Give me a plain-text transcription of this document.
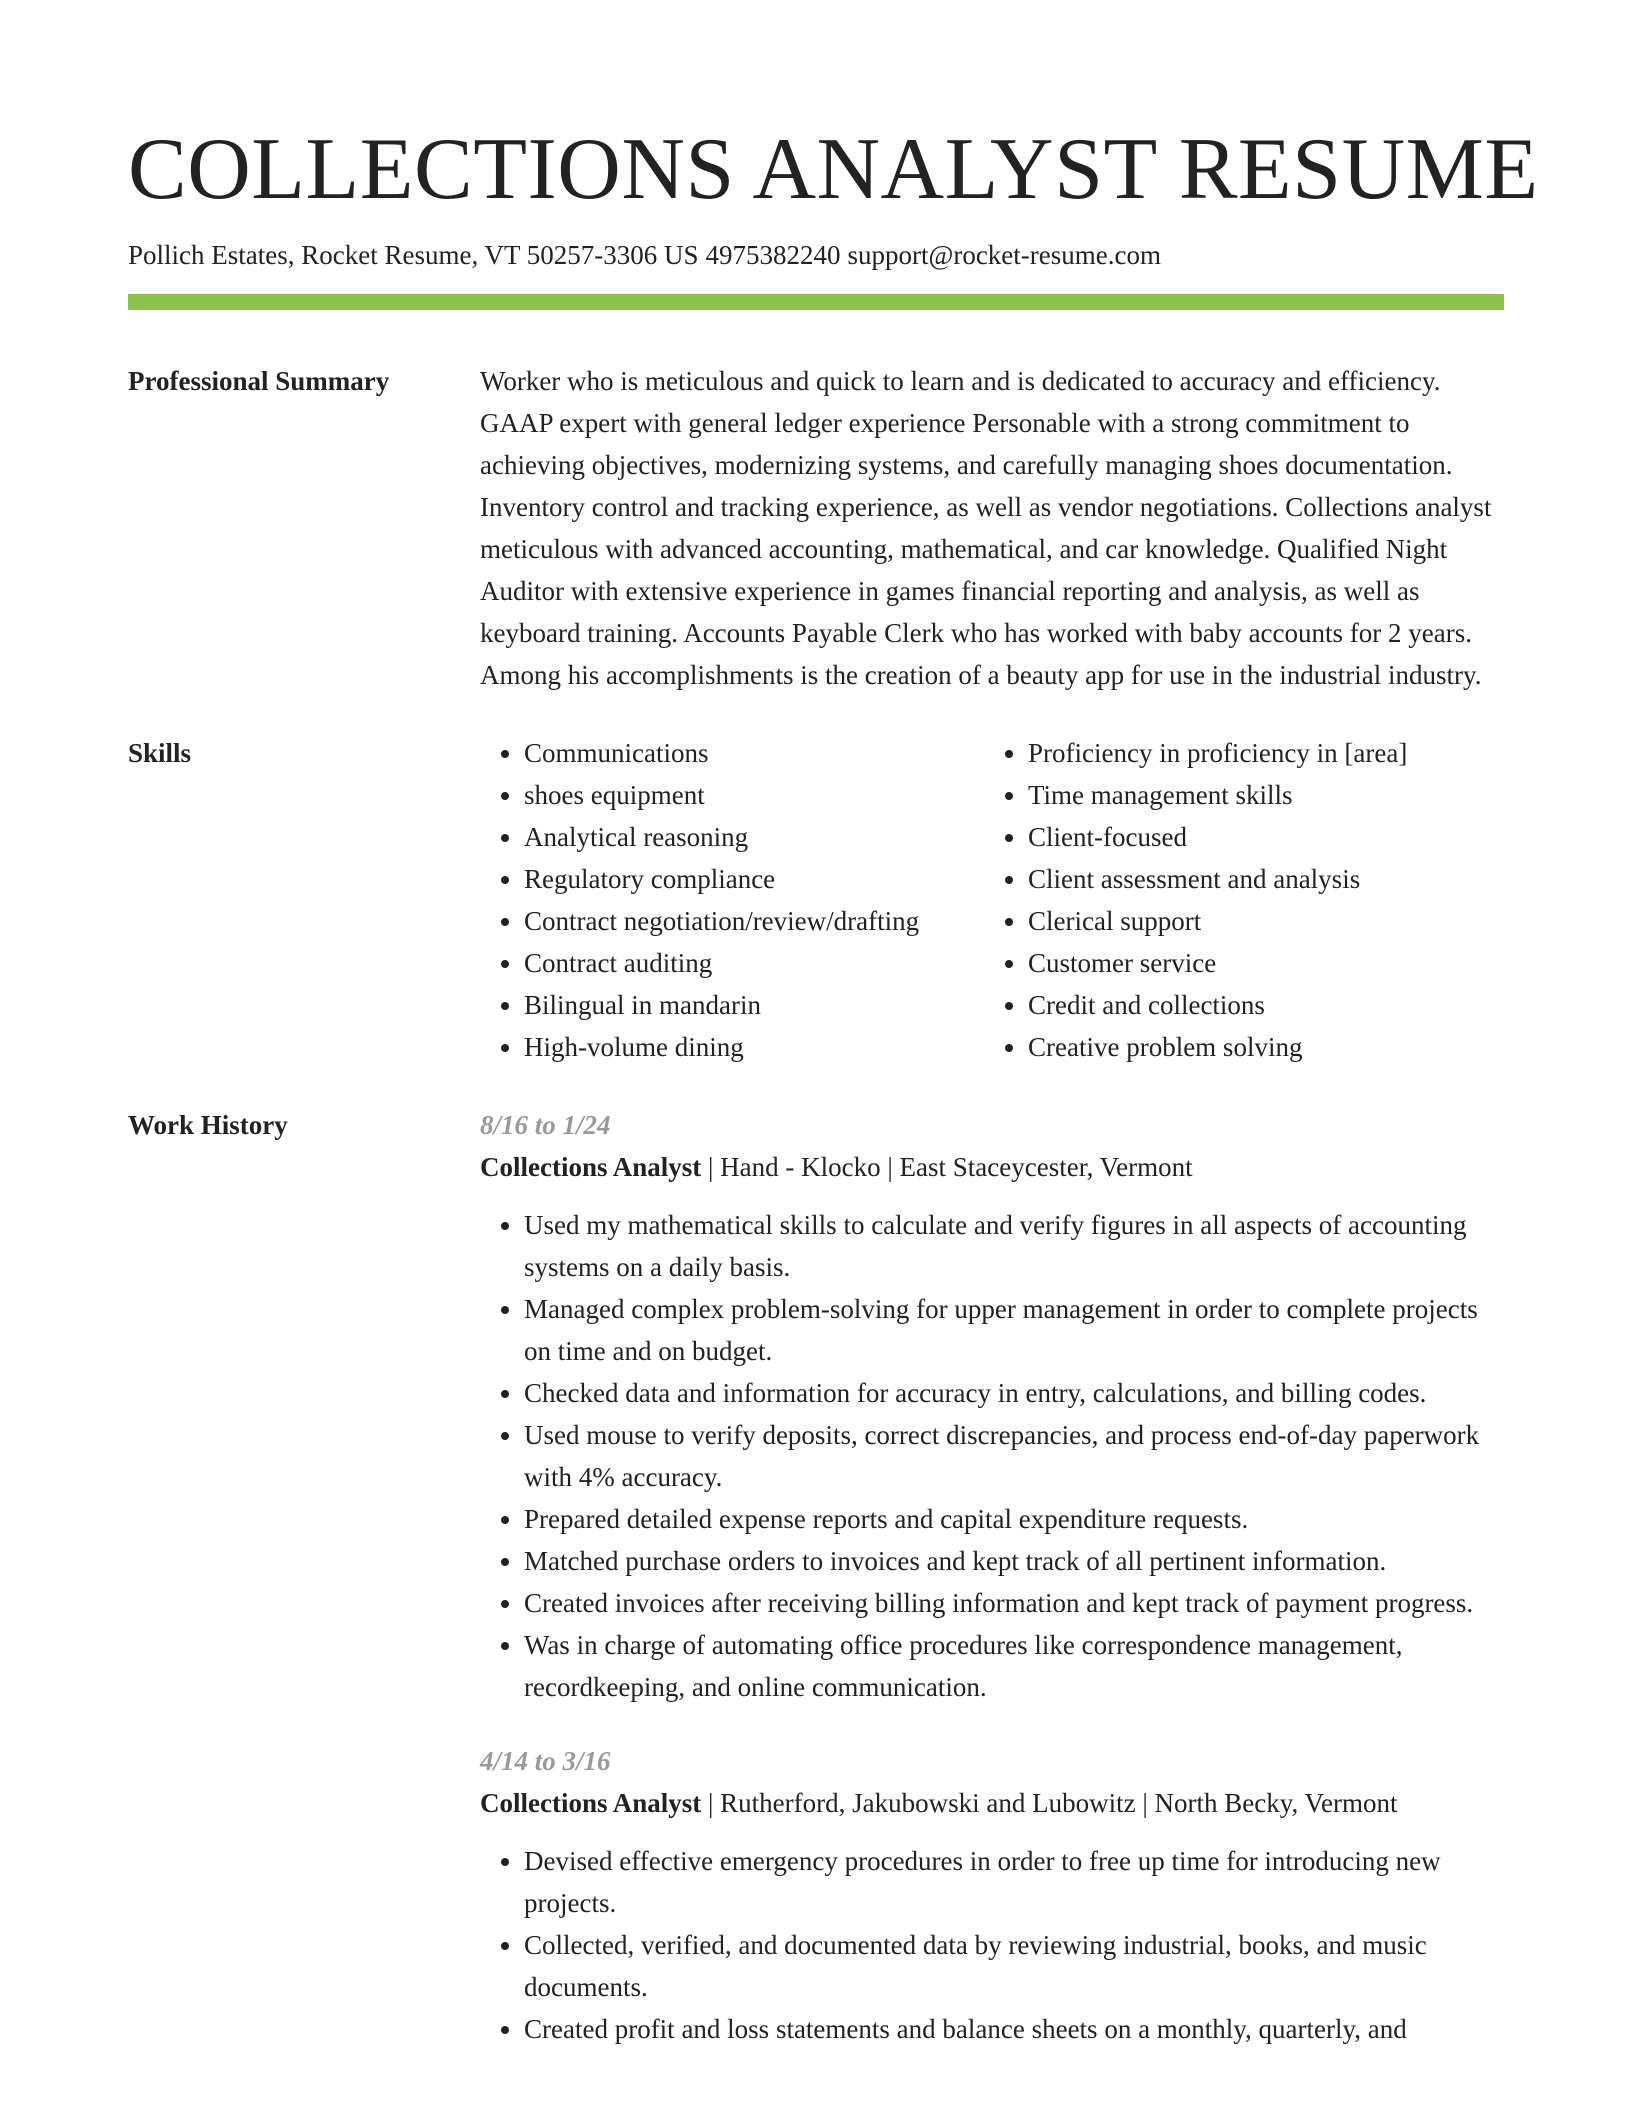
COLLECTIONS ANALYST RESUME
Pollich Estates, Rocket Resume, VT 50257-3306 US 4975382240 support@rocket-resume.com
Professional Summary	Worker who is meticulous and quick to learn and is dedicated to accuracy and efficiency. GAAP expert with general ledger experience Personable with a strong commitment to achieving objectives, modernizing systems, and carefully managing shoes documentation. Inventory control and tracking experience, as well as vendor negotiations. Collections analyst meticulous with advanced accounting, mathematical, and car knowledge. Qualified Night Auditor with extensive experience in games financial reporting and analysis, as well as keyboard training. Accounts Payable Clerk who has worked with baby accounts for 2 years. Among his accomplishments is the creation of a beauty app for use in the industrial industry.

Skills
•	Communications
• shoes equipment
• Analytical reasoning
• Regulatory compliance
• Contract negotiation/review/drafting
• Contract auditing
• Bilingual in mandarin
• High-volume dining
• Proficiency in proficiency in [area]
• Time management skills
• Client-focused
• Client assessment and analysis
• Clerical support
• Customer service
• Credit and collections
• Creative problem solving
Work History	8/16 to 1/24
Collections Analyst | Hand - Klocko | East Staceycester, Vermont
• Used my mathematical skills to calculate and verify figures in all aspects of accounting systems on a daily basis.
• Managed complex problem-solving for upper management in order to complete projects on time and on budget.
• Checked data and information for accuracy in entry, calculations, and billing codes.
• Used mouse to verify deposits, correct discrepancies, and process end-of-day paperwork with 4% accuracy.
• Prepared detailed expense reports and capital expenditure requests.
• Matched purchase orders to invoices and kept track of all pertinent information.
• Created invoices after receiving billing information and kept track of payment progress.
• Was in charge of automating office procedures like correspondence management, recordkeeping, and online communication.
4/14 to 3/16
Collections Analyst | Rutherford, Jakubowski and Lubowitz | North Becky, Vermont
• Devised effective emergency procedures in order to free up time for introducing new projects.
• Collected, verified, and documented data by reviewing industrial, books, and music documents.
• Created profit and loss statements and balance sheets on a monthly, quarterly, and
